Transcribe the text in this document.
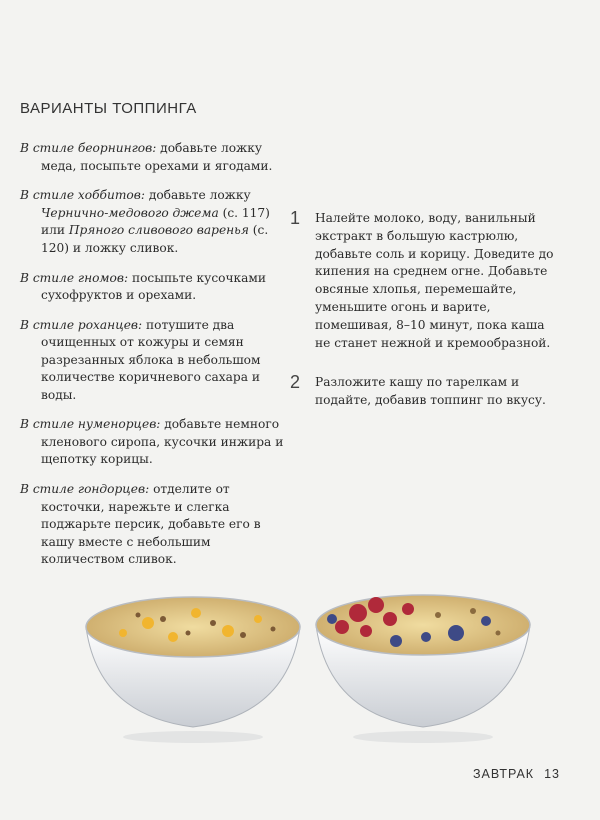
ВАРИАНТЫ ТОППИНГА

В стиле беорнингов: добавьте ложку меда, посыпьте орехами и ягодами.

В стиле хоббитов: добавьте ложку Чернично-медового джема (с. 117) или Пряного сливового варенья (с. 120) и ложку сливок.

В стиле гномов: посыпьте кусочками сухофруктов и орехами.

В стиле роханцев: потушите два очищенных от кожуры и семян разрезанных яблока в небольшом количестве коричневого сахара и воды.

В стиле нуменорцев: добавьте немного кленового сиропа, кусочки инжира и щепотку корицы.

В стиле гондорцев: отделите от косточки, нарежьте и слегка поджарьте персик, добавьте его в кашу вместе с небольшим количеством сливок.

1 Налейте молоко, воду, ванильный экстракт в большую кастрюлю, добавьте соль и корицу. Доведите до кипения на среднем огне. Добавьте овсяные хлопья, перемешайте, уменьшите огонь и варите, помешивая, 8–10 минут, пока каша не станет нежной и кремообразной.
2 Разложите кашу по тарелкам и подайте, добавив топпинг по вкусу.
ЗАВТРАК 13
